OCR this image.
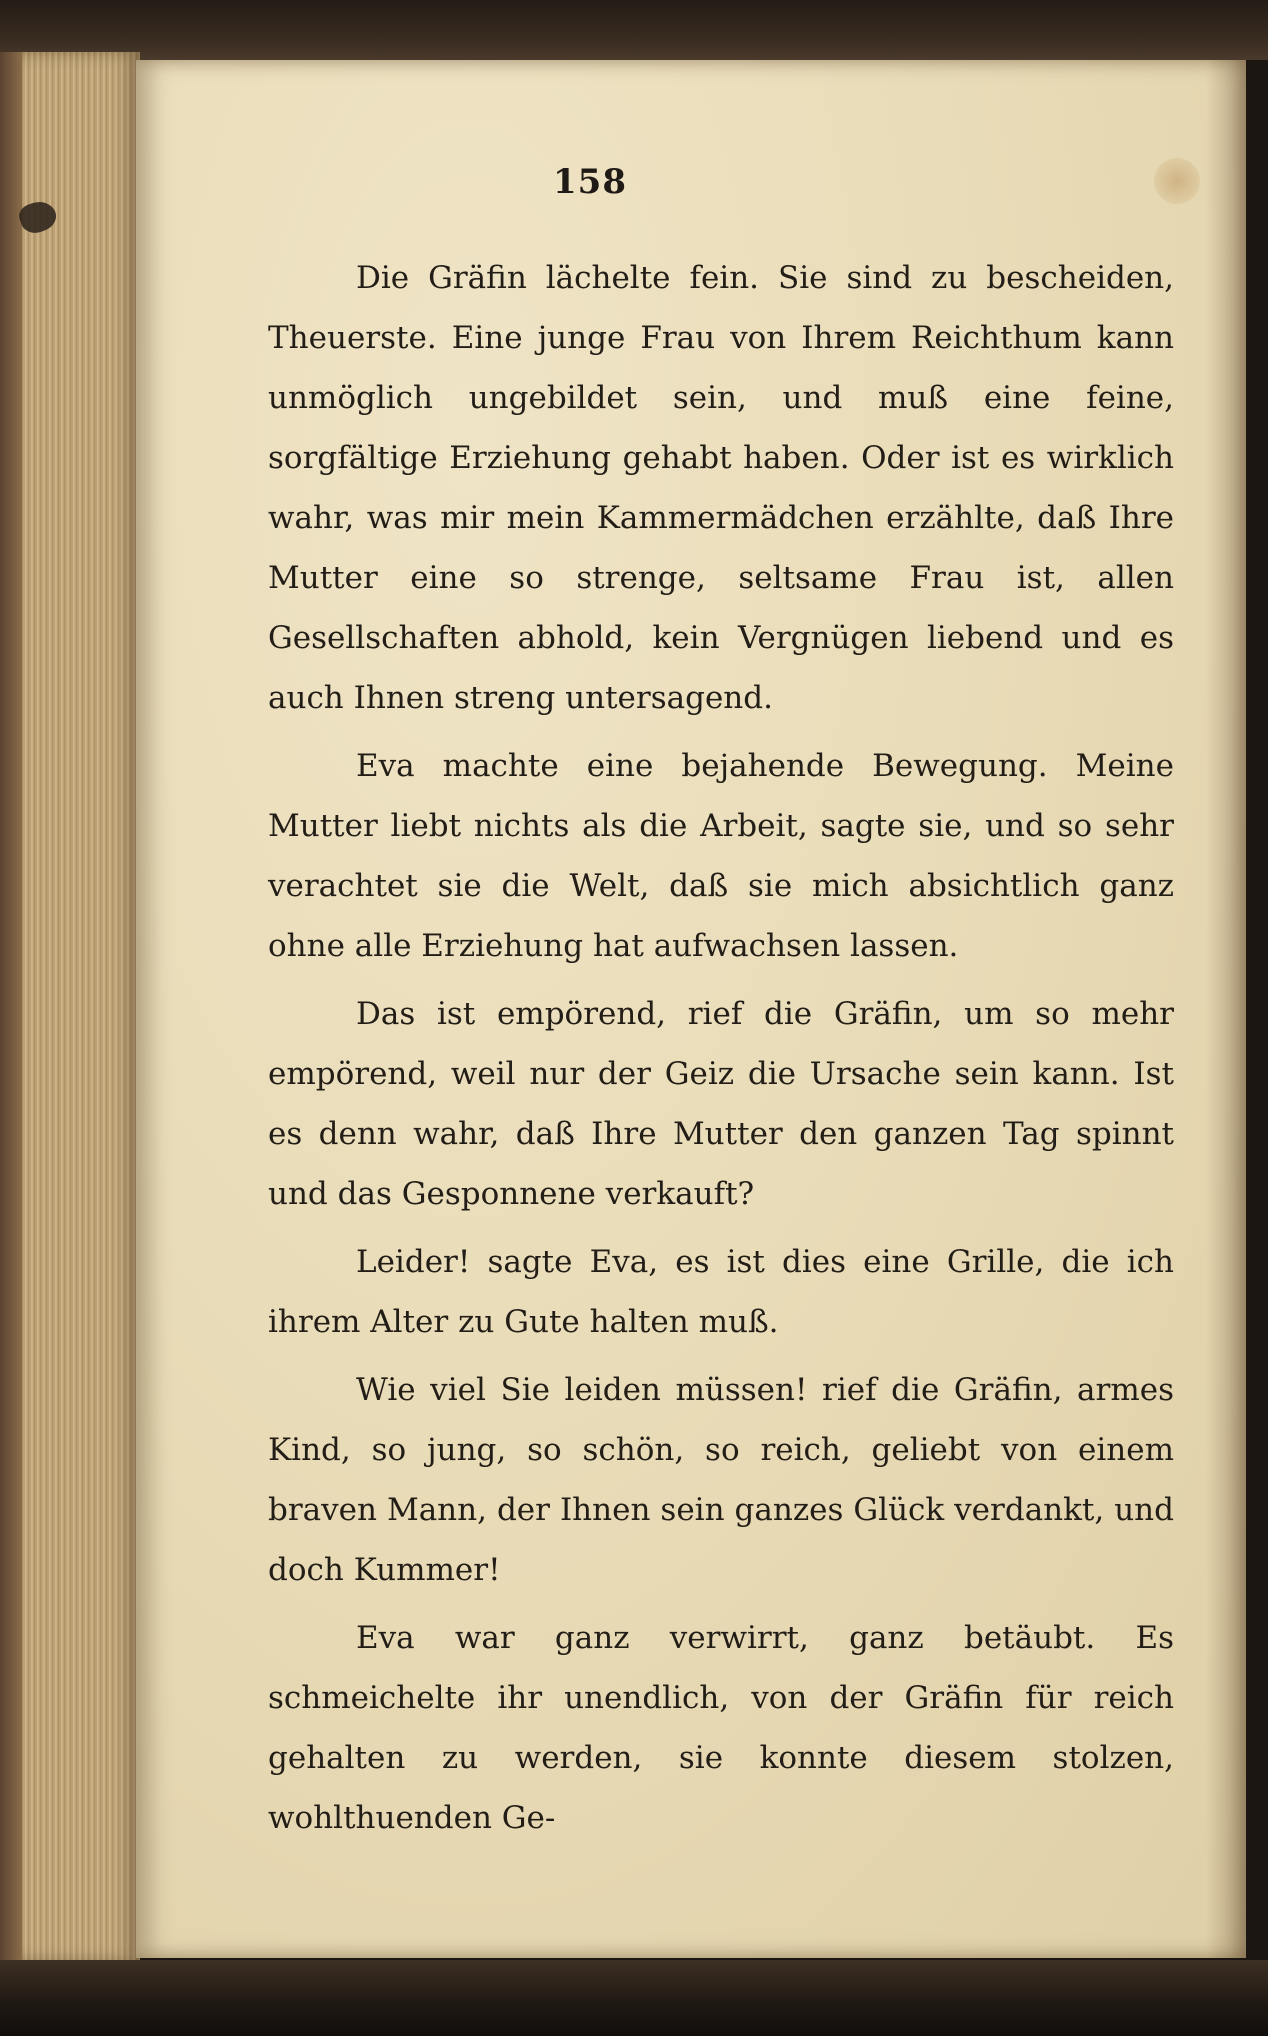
158

Die Gräfin lächelte fein. Sie sind zu bescheiden, Theuerste. Eine junge Frau von Ihrem Reichthum kann unmöglich ungebildet sein, und muß eine feine, sorgfältige Erziehung gehabt haben. Oder ist es wirklich wahr, was mir mein Kammermädchen erzählte, daß Ihre Mutter eine so strenge, seltsame Frau ist, allen Gesellschaften abhold, kein Vergnügen liebend und es auch Ihnen streng untersagend.

Eva machte eine bejahende Bewegung. Meine Mutter liebt nichts als die Arbeit, sagte sie, und so sehr verachtet sie die Welt, daß sie mich absichtlich ganz ohne alle Erziehung hat aufwachsen lassen.

Das ist empörend, rief die Gräfin, um so mehr empörend, weil nur der Geiz die Ursache sein kann. Ist es denn wahr, daß Ihre Mutter den ganzen Tag spinnt und das Gesponnene verkauft?

Leider! sagte Eva, es ist dies eine Grille, die ich ihrem Alter zu Gute halten muß.

Wie viel Sie leiden müssen! rief die Gräfin, armes Kind, so jung, so schön, so reich, geliebt von einem braven Mann, der Ihnen sein ganzes Glück verdankt, und doch Kummer!

Eva war ganz verwirrt, ganz betäubt. Es schmeichelte ihr unendlich, von der Gräfin für reich gehalten zu werden, sie konnte diesem stolzen, wohlthuenden Ge-
